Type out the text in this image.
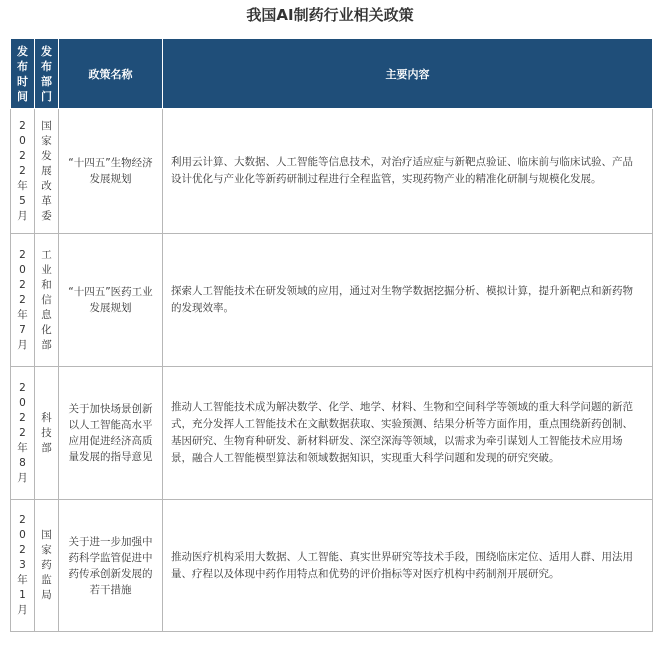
我国AI制药行业相关政策
发布时间	发布部门	政策名称	主要内容

2022年5月	国家发展改革委	“十四五”生物经济发展规划	利用云计算、大数据、人工智能等信息技术，对治疗适应症与新靶点验证、临床前与临床试验、产品设计优化与产业化等新药研制过程进行全程监管，实现药物产业的精准化研制与规模化发展。

2022年7月	工业和信息化部	“十四五”医药工业发展规划	探索人工智能技术在研发领域的应用，通过对生物学数据挖掘分析、模拟计算，提升新靶点和新药物的发现效率。

2022年8月	科技部	关于加快场景创新以人工智能高水平应用促进经济高质量发展的指导意见	推动人工智能技术成为解决数学、化学、地学、材料、生物和空间科学等领域的重大科学问题的新范式，充分发挥人工智能技术在文献数据获取、实验预测、结果分析等方面作用，重点围绕新药创制、基因研究、生物育种研发、新材料研发、深空深海等领域，以需求为牵引谋划人工智能技术应用场景，融合人工智能模型算法和领域数据知识，实现重大科学问题和发现的研究突破。

2023年1月	国家药监局	关于进一步加强中药科学监管促进中药传承创新发展的若干措施	推动医疗机构采用大数据、人工智能、真实世界研究等技术手段，围绕临床定位、适用人群、用法用量、疗程以及体现中药作用特点和优势的评价指标等对医疗机构中药制剂开展研究。
